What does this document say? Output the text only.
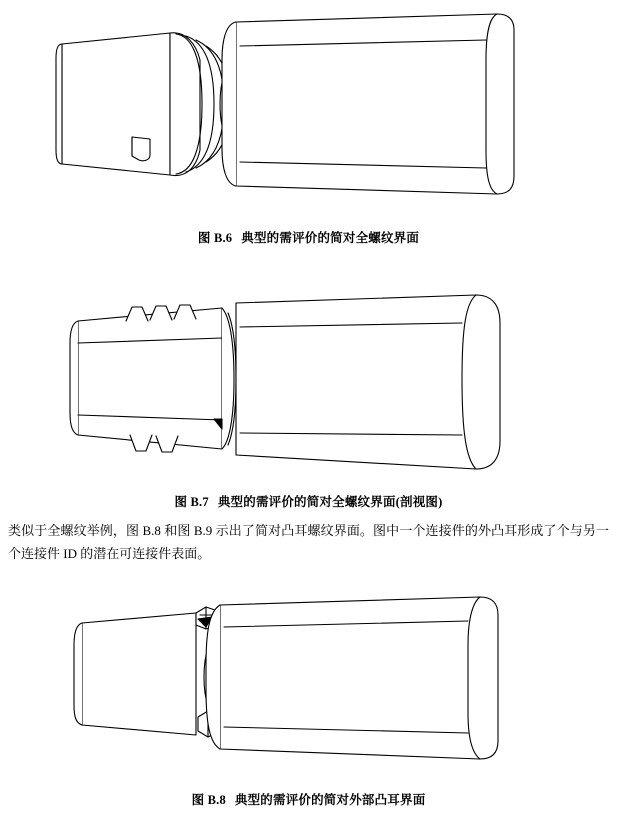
图 B.6 典型的需评价的简对全螺纹界面

图 B.7 典型的需评价的简对全螺纹界面(剖视图)

类似于全螺纹举例，图 B.8 和图 B.9 示出了简对凸耳螺纹界面。图中一个连接件的外凸耳形成了个与另一个连接件 ID 的潜在可连接件表面。

图 B.8 典型的需评价的简对外部凸耳界面
